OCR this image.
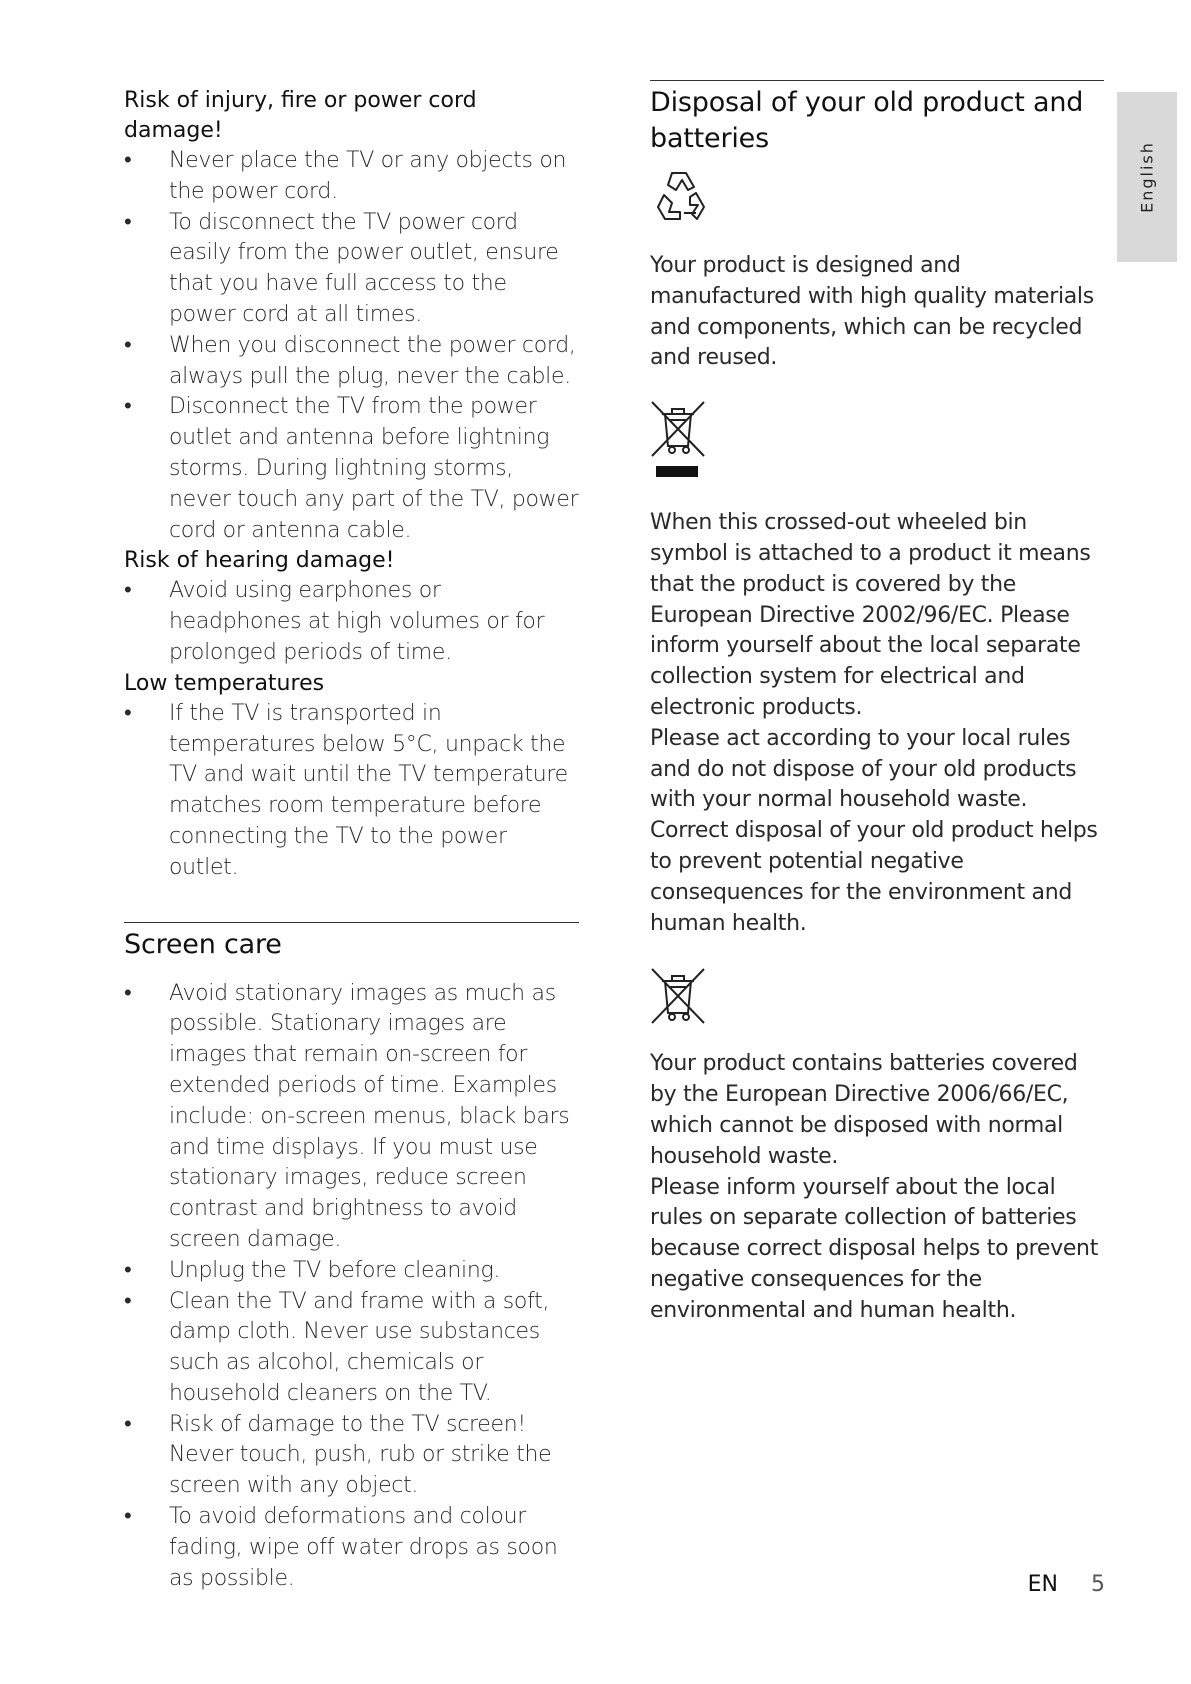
English

Risk of injury, fire or power cord damage!

• Never place the TV or any objects on the power cord.
• To disconnect the TV power cord easily from the power outlet, ensure that you have full access to the power cord at all times.
• When you disconnect the power cord, always pull the plug, never the cable.
• Disconnect the TV from the power outlet and antenna before lightning storms. During lightning storms, never touch any part of the TV, power cord or antenna cable.

Risk of hearing damage!

• Avoid using earphones or headphones at high volumes or for prolonged periods of time.

Low temperatures

• If the TV is transported in temperatures below 5°C, unpack the TV and wait until the TV temperature matches room temperature before connecting the TV to the power outlet.
Screen care
• Avoid stationary images as much as possible. Stationary images are images that remain on-screen for extended periods of time. Examples include: on-screen menus, black bars and time displays. If you must use stationary images, reduce screen contrast and brightness to avoid screen damage.
• Unplug the TV before cleaning.
• Clean the TV and frame with a soft, damp cloth. Never use substances such as alcohol, chemicals or household cleaners on the TV.
• Risk of damage to the TV screen! Never touch, push, rub or strike the screen with any object.
• To avoid deformations and colour fading, wipe off water drops as soon as possible.
Disposal of your old product and batteries

Your product is designed and manufactured with high quality materials and components, which can be recycled and reused.

When this crossed-out wheeled bin symbol is attached to a product it means that the product is covered by the European Directive 2002/96/EC. Please inform yourself about the local separate collection system for electrical and electronic products.

Please act according to your local rules and do not dispose of your old products with your normal household waste.

Correct disposal of your old product helps to prevent potential negative consequences for the environment and human health.

Your product contains batteries covered by the European Directive 2006/66/EC, which cannot be disposed with normal household waste.

Please inform yourself about the local rules on separate collection of batteries because correct disposal helps to prevent negative consequences for the environmental and human health.

EN 5
